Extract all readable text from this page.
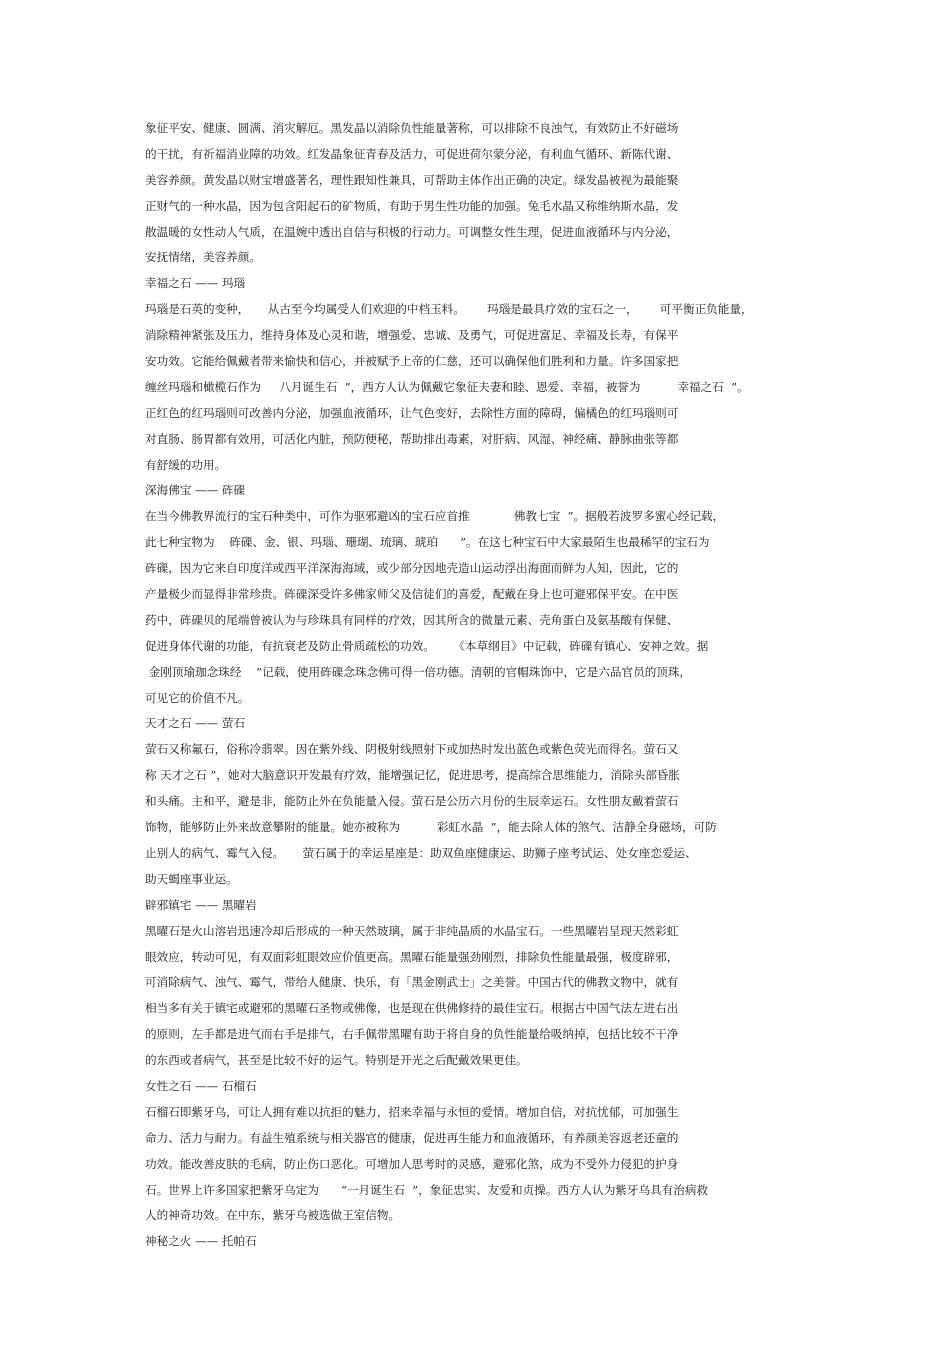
象征平安、健康、圆满、消灾解厄。黑发晶以消除负性能量著称，可以排除不良浊气，有效防止不好磁场
的干扰，有祈福消业障的功效。红发晶象征青春及活力，可促进荷尔蒙分泌，有利血气循环、新陈代谢、
美容养颜。黄发晶以财宝增盛著名，理性跟知性兼具，可帮助主体作出正确的决定。绿发晶被视为最能聚
正财气的一种水晶，因为包含阳起石的矿物质，有助于男生性功能的加强。兔毛水晶又称维纳斯水晶，发
散温暖的女性动人气质，在温婉中透出自信与积极的行动力。可调整女性生理，促进血液循环与内分泌，
安抚情绪，美容养颜。
幸福之石 —— 玛瑙
玛瑙是石英的变种，     从古至今均属受人们欢迎的中档玉料。      玛瑙是最具疗效的宝石之一，      可平衡正负能量，
消除精神紧张及压力，维持身体及心灵和谐，增强爱、忠诚、及勇气，可促进富足、幸福及长寿，有保平
安功效。它能给佩戴者带来愉快和信心，并被赋予上帝的仁慈，还可以确保他们胜利和力量。许多国家把
缠丝玛瑙和橄榄石作为     八月诞生石  ”，西方人认为佩戴它象征夫妻和睦、恩爱、幸福，被誉为          幸福之石  ”。
正红色的红玛瑙则可改善内分泌，加强血液循环，让气色变好，去除性方面的障碍，偏橘色的红玛瑙则可
对直肠、肠胃都有效用，可活化内脏，预防便秘，帮助排出毒素，对肝病、风湿、神经痛、静脉曲张等都
有舒缓的功用。
深海佛宝 —— 砗磲
在当今佛教界流行的宝石种类中，可作为驱邪避凶的宝石应首推            佛教七宝  ”。据般若波罗多蜜心经记载，
此七种宝物为    砗磲、金、银、玛瑙、珊瑚、琉璃、琥珀      ”。在这七种宝石中大家最陌生也最稀罕的宝石为
砗磲，因为它来自印度洋或西平洋深海海域，或少部分因地壳造山运动浮出海面而鲜为人知，因此，它的
产量极少而显得非常珍贵。砗磲深受许多佛家师父及信徒们的喜爱，配戴在身上也可避邪保平安。在中医
药中，砗磲贝的尾端曾被认为与珍珠具有同样的疗效，因其所含的微量元素、壳角蛋白及氨基酸有保健、
促进身体代谢的功能，有抗衰老及防止骨质疏松的功效。     《本草纲目》中记载，砗磲有镇心、安神之效。据
金刚顶瑜珈念珠经    ”记载，使用砗磲念珠念佛可得一倍功德。清朝的官帽珠饰中，它是六品官员的顶珠，
可见它的价值不凡。
天才之石 —— 萤石
萤石又称氟石，俗称冷翡翠。因在紫外线、阴极射线照射下或加热时发出蓝色或紫色荧光而得名。萤石又
称 天才之石 ”，她对大脑意识开发最有疗效，能增强记忆，促进思考，提高综合思维能力，消除头部昏胀
和头痛。主和平，避是非，能防止外在负能量入侵。萤石是公历六月份的生辰幸运石。女性朋友戴着萤石
饰物，能够防止外来故意攀附的能量。她亦被称为          彩虹水晶  ”，能去除人体的煞气、洁静全身磁场，可防
止别人的病气、霉气入侵。     萤石属于的幸运星座是：助双鱼座健康运、助狮子座考试运、处女座恋爱运、
助天蝎座事业运。
辟邪镇宅 —— 黑曜岩
黑曜石是火山溶岩迅速冷却后形成的一种天然玻璃，属于非纯晶质的水晶宝石。一些黑曜岩呈现天然彩虹
眼效应，转动可见，有双面彩虹眼效应价值更高。黑曜石能量强劲刚烈，排除负性能量最强，极度辟邪，
可消除病气、浊气、霉气，带给人健康、快乐，有「黑金刚武士」之美誉。中国古代的佛教文物中，就有
相当多有关于镇宅或避邪的黑曜石圣物或佛像，也是现在供佛修持的最佳宝石。根据古中国气法左进右出
的原则，左手都是进气而右手是排气，右手佩带黑曜有助于将自身的负性能量给吸纳掉，包括比较不干净
的东西或者病气，甚至是比较不好的运气。特别是开光之后配戴效果更佳。
女性之石 —— 石榴石
石榴石即紫牙乌，可让人拥有难以抗拒的魅力，招来幸福与永恒的爱情。增加自信，对抗忧郁，可加强生
命力、活力与耐力。有益生殖系统与相关器官的健康，促进再生能力和血液循环，有养颜美容返老还童的
功效。能改善皮肤的毛病，防止伤口恶化。可增加人思考时的灵感，避邪化煞，成为不受外力侵犯的护身
石。世界上许多国家把紫牙乌定为      “一月诞生石  ”，象征忠实、友爱和贞操。西方人认为紫牙乌具有治病救
人的神奇功效。在中东，紫牙乌被选做王室信物。
神秘之火 —— 托帕石
